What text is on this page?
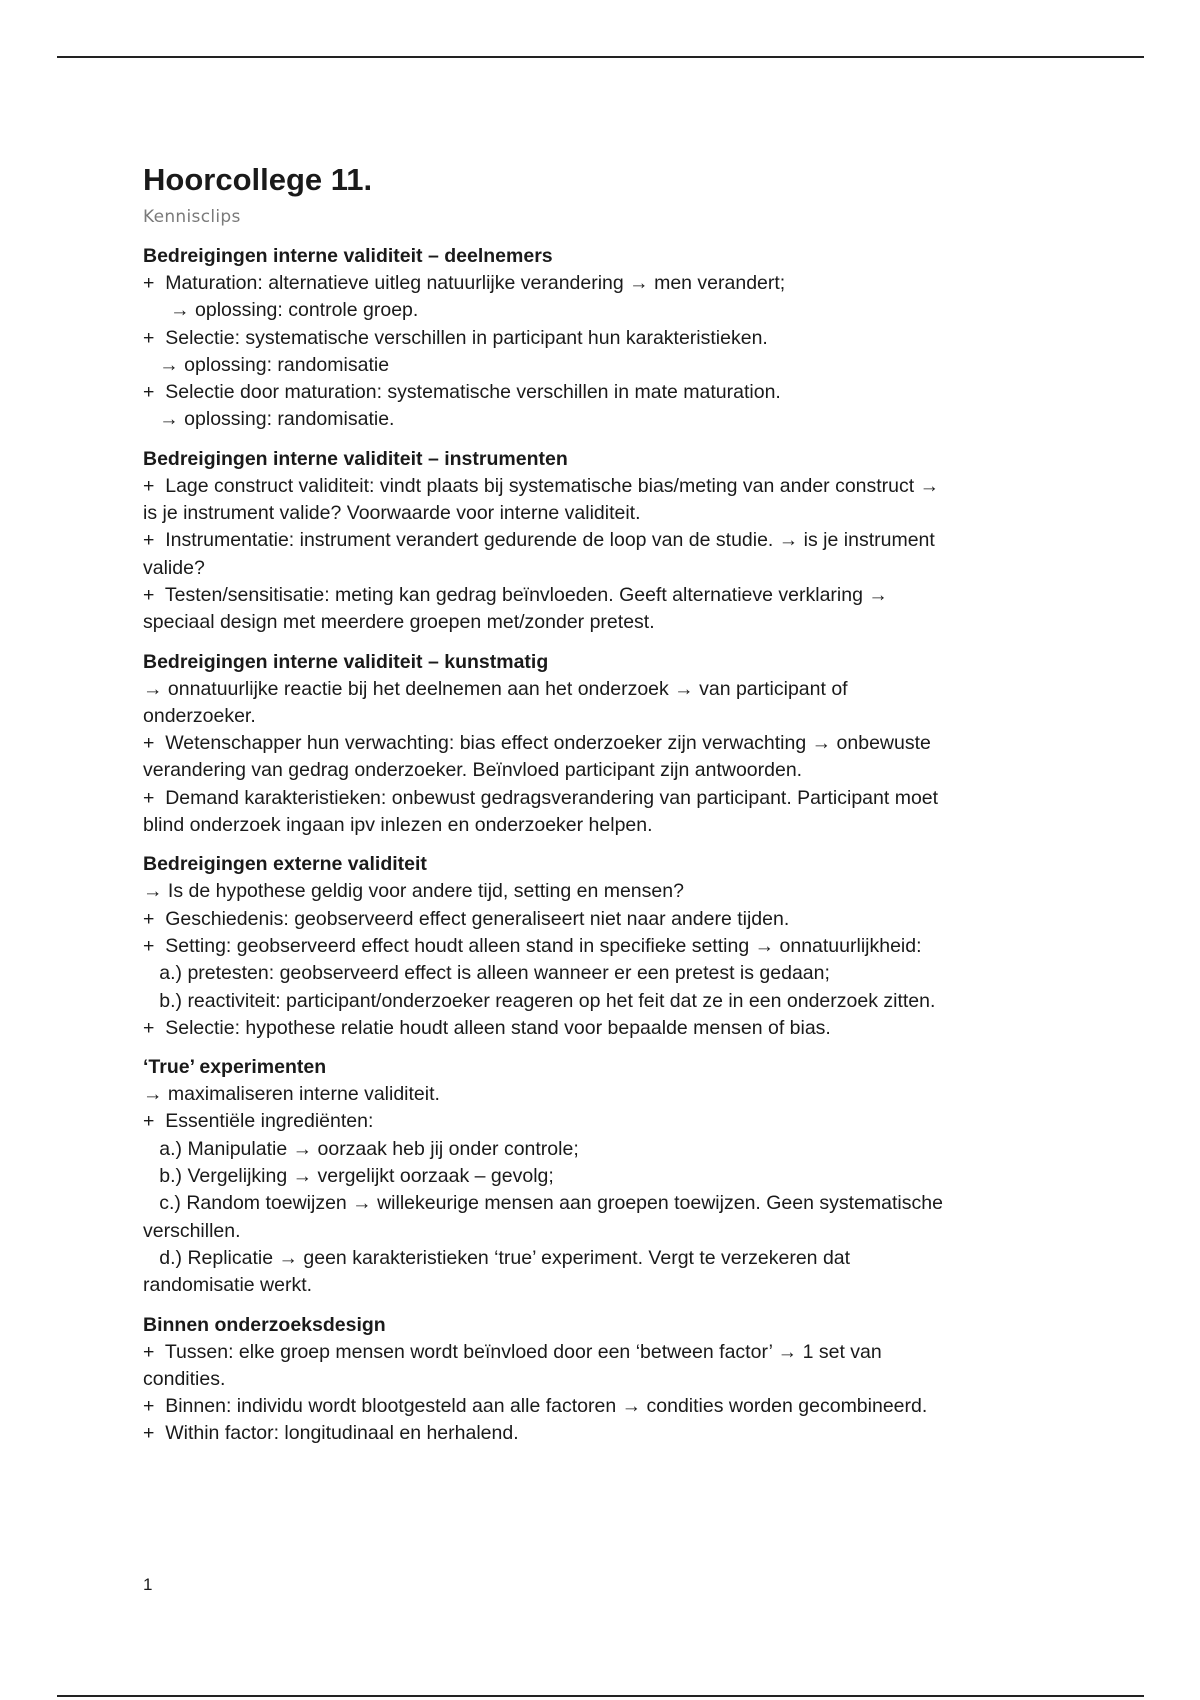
Hoorcollege 11.
Kennisclips
Bedreigingen interne validiteit – deelnemers

+  Maturation: alternatieve uitleg natuurlijke verandering → men verandert;

→ oplossing: controle groep.

+  Selectie: systematische verschillen in participant hun karakteristieken.

→ oplossing: randomisatie

+  Selectie door maturation: systematische verschillen in mate maturation.

→ oplossing: randomisatie.

Bedreigingen interne validiteit – instrumenten

+  Lage construct validiteit: vindt plaats bij systematische bias/meting van ander construct →

is je instrument valide? Voorwaarde voor interne validiteit.

+  Instrumentatie: instrument verandert gedurende de loop van de studie. → is je instrument

valide?

+  Testen/sensitisatie: meting kan gedrag beïnvloeden. Geeft alternatieve verklaring →

speciaal design met meerdere groepen met/zonder pretest.

Bedreigingen interne validiteit – kunstmatig

→ onnatuurlijke reactie bij het deelnemen aan het onderzoek → van participant of

onderzoeker.

+  Wetenschapper hun verwachting: bias effect onderzoeker zijn verwachting → onbewuste

verandering van gedrag onderzoeker. Beïnvloed participant zijn antwoorden.

+  Demand karakteristieken: onbewust gedragsverandering van participant. Participant moet

blind onderzoek ingaan ipv inlezen en onderzoeker helpen.

Bedreigingen externe validiteit

→ Is de hypothese geldig voor andere tijd, setting en mensen?

+  Geschiedenis: geobserveerd effect generaliseert niet naar andere tijden.

+  Setting: geobserveerd effect houdt alleen stand in specifieke setting → onnatuurlijkheid:

a.) pretesten: geobserveerd effect is alleen wanneer er een pretest is gedaan;

b.) reactiviteit: participant/onderzoeker reageren op het feit dat ze in een onderzoek zitten.

+  Selectie: hypothese relatie houdt alleen stand voor bepaalde mensen of bias.

‘True’ experimenten

→ maximaliseren interne validiteit.

+  Essentiële ingrediënten:

a.) Manipulatie → oorzaak heb jij onder controle;

b.) Vergelijking → vergelijkt oorzaak – gevolg;

c.) Random toewijzen → willekeurige mensen aan groepen toewijzen. Geen systematische

verschillen.

d.) Replicatie → geen karakteristieken ‘true’ experiment. Vergt te verzekeren dat

randomisatie werkt.

Binnen onderzoeksdesign

+  Tussen: elke groep mensen wordt beïnvloed door een ‘between factor’ → 1 set van

condities.

+  Binnen: individu wordt blootgesteld aan alle factoren → condities worden gecombineerd.

+  Within factor: longitudinaal en herhalend.

1
